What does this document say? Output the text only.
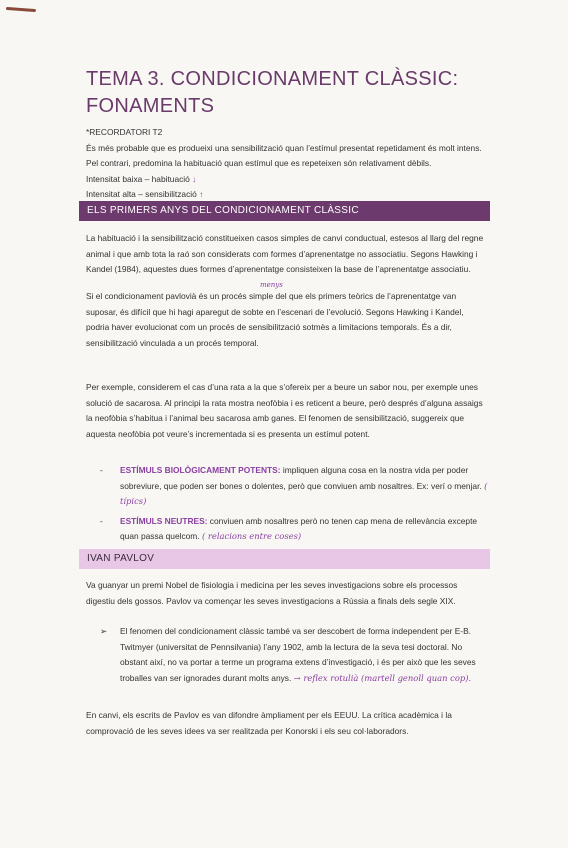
TEMA 3. CONDICIONAMENT CLÀSSIC:
FONAMENTS

*RECORDATORI T2

És més probable que es produeixi una sensibilització quan l’estímul presentat repetidament és molt intens. Pel contrari, predomina la habituació quan estímul que es repeteixen són relativament dèbils.

Intensitat baixa – habituació ↓

Intensitat alta – sensibilització ↑

ELS PRIMERS ANYS DEL CONDICIONAMENT CLÀSSIC

La habituació i la sensibilització constitueixen casos simples de canvi conductual, estesos al llarg del regne animal i que amb tota la raó son considerats com formes d’aprenentatge no associatiu. Segons Hawking i Kandel (1984), aquestes dues formes d’aprenentatge consisteixen la base de l’aprenentatge associatiu.

menys

Si el condicionament pavlovià és un procés simple del que els primers teòrics de l’aprenentatge van suposar, és difícil que hi hagi aparegut de sobte en l’escenari de l’evolució. Segons Hawking i Kandel, podria haver evolucionat com un procés de sensibilització sotmès a limitacions temporals. És a dir, sensibilització vinculada a un procés temporal.

Per exemple, considerem el cas d’una rata a la que s’ofereix per a beure un sabor nou, per exemple unes solució de sacarosa. Al principi la rata mostra neofòbia i es reticent a beure, però després d’alguna assaigs la neofòbia s’habitua i l’animal beu sacarosa amb ganes. El fenomen de sensibilització, suggereix que aquesta neofòbia pot veure’s incrementada si es presenta un estímul potent.

-	ESTÍMULS BIOLÒGICAMENT POTENTS: impliquen alguna cosa en la nostra vida per poder sobreviure, que poden ser bones o dolentes, però que conviuen amb nosaltres. Ex: verí o menjar. ( típics)
-	ESTÍMULS NEUTRES: conviuen amb nosaltres però no tenen cap mena de rellevància excepte quan passa quelcom. ( relacions entre coses)
IVAN PAVLOV

Va guanyar un premi Nobel de fisiologia i medicina per les seves investigacions sobre els processos digestiu dels gossos. Pavlov va començar les seves investigacions a Rússia a finals dels segle XIX.

➢	El fenomen del condicionament clàssic també va ser descobert de forma independent per E-B. Twitmyer (universitat de Pennsilvania) l’any 1902, amb la lectura de la seva tesi doctoral. No obstant així, no va portar a terme un programa extens d’investigació, i és per això que les seves troballes van ser ignorades durant molts anys. → reflex rotulià (martell genoll quan cop).

En canvi, els escrits de Pavlov es van difondre àmpliament per els EEUU. La crítica acadèmica i la comprovació de les seves idees va ser realitzada per Konorski i els seu col·laboradors.
